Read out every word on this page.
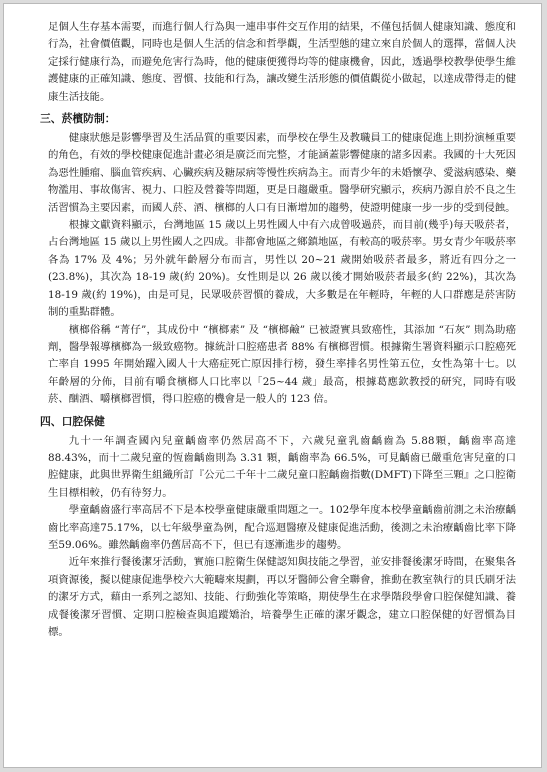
足個人生存基本需要，而進行個人行為與一連串事件交互作用的結果，不僅包括個人健康知識、態度和行為，社會價值觀，同時也是個人生活的信念和哲學觀，生活型態的建立來自於個人的選擇，當個人決定採行健康行為，而避免危害行為時，他的健康便獲得均等的健康機會，因此，透過學校教學使學生維護健康的正確知識、態度、習慣、技能和行為，讓改變生活形態的價值觀從小做起，以達成帶得走的健康生活技能。

三、菸檳防制：

健康狀態是影響學習及生活品質的重要因素，而學校在學生及教職員工的健康促進上則扮演極重要的角色，有效的學校健康促進計畫必須是廣泛而完整，才能涵蓋影響健康的諸多因素。我國的十大死因為惡性腫瘤、腦血管疾病、心臟疾病及糖尿病等慢性疾病為主。而青少年的未婚懷孕、愛滋病感染、藥物濫用、事故傷害、視力、口腔及營養等問題，更是日趨嚴重。醫學研究顯示，疾病乃源自於不良之生活習慣為主要因素，而國人菸、酒、檳榔的人口有日漸增加的趨勢，使證明健康一步一步的受到侵蝕。

根據文獻資料顯示，台灣地區 15 歲以上男性國人中有六成曾吸過菸，而目前(幾乎)每天吸菸者，占台灣地區 15 歲以上男性國人之四成。非都會地區之鄉鎮地區，有較高的吸菸率。男女青少年吸菸率各為 17% 及 4%；另外就年齡層分布而言，男性以 20~21 歲開始吸菸者最多，將近有四分之一(23.8%)，其次為 18-19 歲(約 20%)。女性則是以 26 歲以後才開始吸菸者最多(約 22%)，其次為 18-19 歲(約 19%)，由是可見，民眾吸菸習慣的養成，大多數是在年輕時，年輕的人口群應是菸害防制的重點群體。

檳榔俗稱 “菁仔”，其成份中 “檳榔素” 及 “檳榔鹼” 已被證實具致癌性，其添加 “石灰” 則為助癌劑，醫學報導檳榔為一級致癌物。據統計口腔癌患者 88% 有檳榔習慣。根據衛生署資料顯示口腔癌死亡率自 1995 年開始躍入國人十大癌症死亡原因排行榜，發生率排名男性第五位，女性為第十七。以年齡層的分佈，目前有嚼食檳榔人口比率以「25~44 歲」最高，根據葛應欽教授的研究，同時有吸菸、酗酒、嚼檳榔習慣，得口腔癌的機會是一般人的 123 倍。

四、口腔保健

九十一年調查國內兒童齲齒率仍然居高不下，六歲兒童乳齒齲齒為 5.88顆，齲齒率高達 88.43%，而十二歲兒童的恆齒齲齒則為 3.31 顆，齲齒率為 66.5%，可見齲齒已嚴重危害兒童的口腔健康，此與世界衛生組織所訂『公元二千年十二歲兒童口腔齲齒指數(DMFT)下降至三顆』之口腔衛生目標相較，仍有待努力。

學童齲齒盛行率高居不下是本校學童健康嚴重問題之一。102學年度本校學童齲齒前測之未治療齲齒比率高達75.17%，以七年級學童為例，配合巡迴醫療及健康促進活動，後測之未治療齲齒比率下降至59.06%。雖然齲齒率仍舊居高不下，但已有逐漸進步的趨勢。

近年來推行餐後潔牙活動，實施口腔衛生保健認知與技能之學習，並安排餐後潔牙時間，在聚集各項資源後，擬以健康促進學校六大範疇來規劃，再以牙醫師公會全聯會，推動在教室執行的貝氏刷牙法的潔牙方式，藉由一系列之認知、技能、行動強化等策略，期使學生在求學階段學會口腔保健知識、養成餐後潔牙習慣、定期口腔檢查與追蹤矯治，培養學生正確的潔牙觀念，建立口腔保健的好習慣為目標。
